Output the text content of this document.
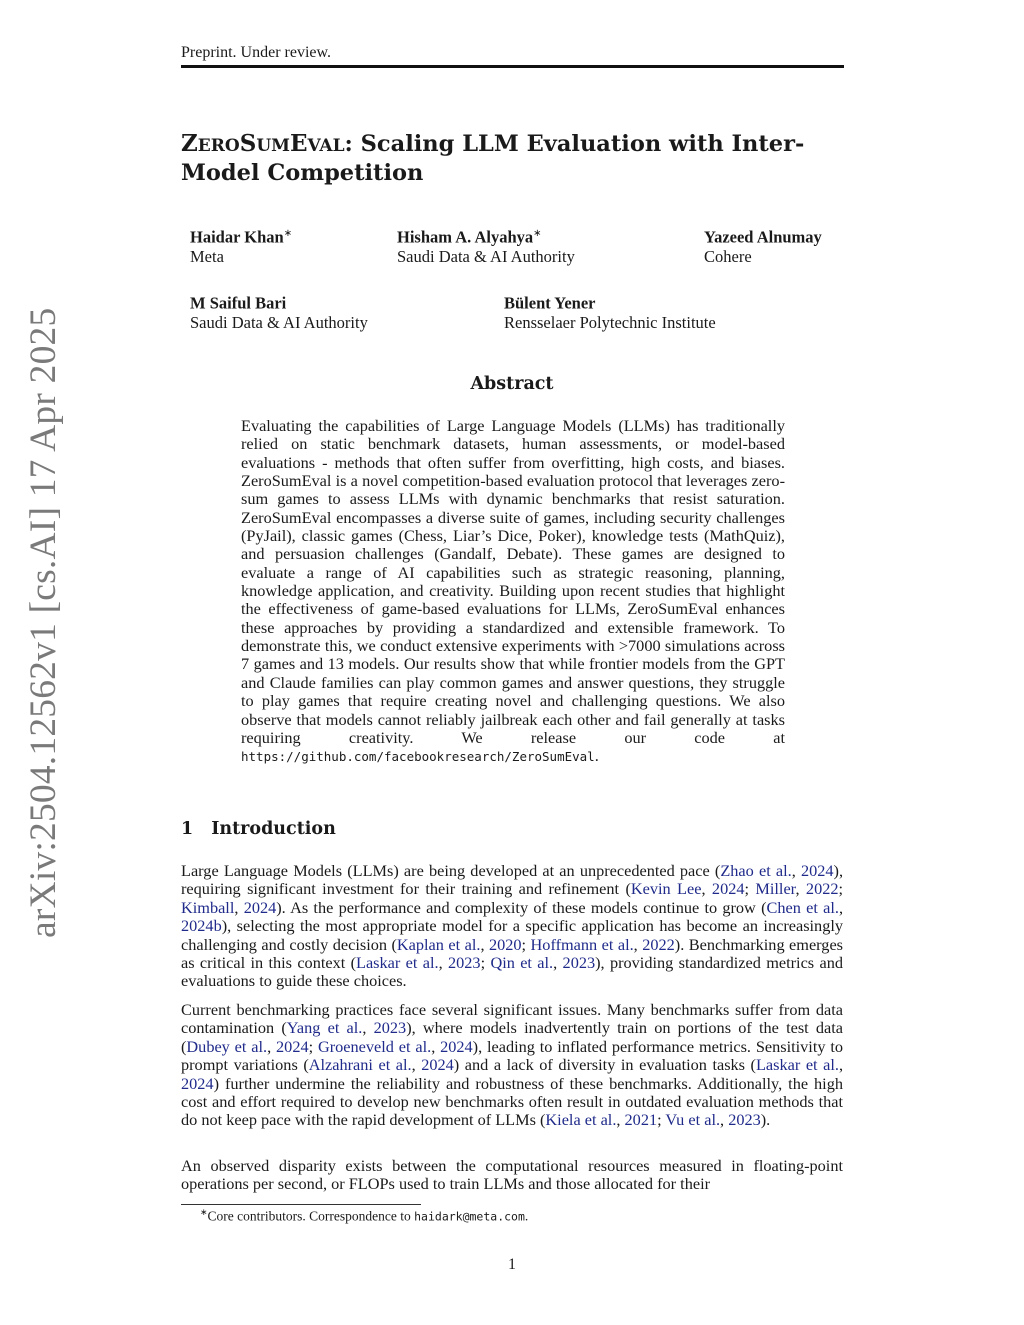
Preprint. Under review.
arXiv:2504.12562v1 [cs.AI] 17 Apr 2025
ZEROSUMEVAL: Scaling LLM Evaluation with Inter-Model Competition
Haidar Khan∗
Meta
Hisham A. Alyahya∗
Saudi Data & AI Authority
Yazeed Alnumay
Cohere
M Saiful Bari
Saudi Data & AI Authority
Bülent Yener
Rensselaer Polytechnic Institute
Abstract

Evaluating the capabilities of Large Language Models (LLMs) has traditionally relied on static benchmark datasets, human assessments, or model-based evaluations - methods that often suffer from overfitting, high costs, and biases. ZeroSumEval is a novel competition-based evaluation protocol that leverages zero-sum games to assess LLMs with dynamic benchmarks that resist saturation. ZeroSumEval encompasses a diverse suite of games, including security challenges (PyJail), classic games (Chess, Liar’s Dice, Poker), knowledge tests (MathQuiz), and persuasion challenges (Gandalf, Debate). These games are designed to evaluate a range of AI capabilities such as strategic reasoning, planning, knowledge application, and creativity. Building upon recent studies that highlight the effectiveness of game-based evaluations for LLMs, ZeroSumEval enhances these approaches by providing a standardized and extensible framework. To demonstrate this, we conduct extensive experiments with >7000 simulations across 7 games and 13 models. Our results show that while frontier models from the GPT and Claude families can play common games and answer questions, they struggle to play games that require creating novel and challenging questions. We also observe that models cannot reliably jailbreak each other and fail generally at tasks requiring creativity. We release our code at https://github.com/facebookresearch/ZeroSumEval.

1 Introduction

Large Language Models (LLMs) are being developed at an unprecedented pace (Zhao et al., 2024), requiring significant investment for their training and refinement (Kevin Lee, 2024; Miller, 2022; Kimball, 2024). As the performance and complexity of these models continue to grow (Chen et al., 2024b), selecting the most appropriate model for a specific application has become an increasingly challenging and costly decision (Kaplan et al., 2020; Hoffmann et al., 2022). Benchmarking emerges as critical in this context (Laskar et al., 2023; Qin et al., 2023), providing standardized metrics and evaluations to guide these choices.

Current benchmarking practices face several significant issues. Many benchmarks suffer from data contamination (Yang et al., 2023), where models inadvertently train on portions of the test data (Dubey et al., 2024; Groeneveld et al., 2024), leading to inflated performance metrics. Sensitivity to prompt variations (Alzahrani et al., 2024) and a lack of diversity in evaluation tasks (Laskar et al., 2024) further undermine the reliability and robustness of these benchmarks. Additionally, the high cost and effort required to develop new benchmarks often result in outdated evaluation methods that do not keep pace with the rapid development of LLMs (Kiela et al., 2021; Vu et al., 2023).

An observed disparity exists between the computational resources measured in floating-point operations per second, or FLOPs used to train LLMs and those allocated for their

∗Core contributors. Correspondence to haidark@meta.com.
1
